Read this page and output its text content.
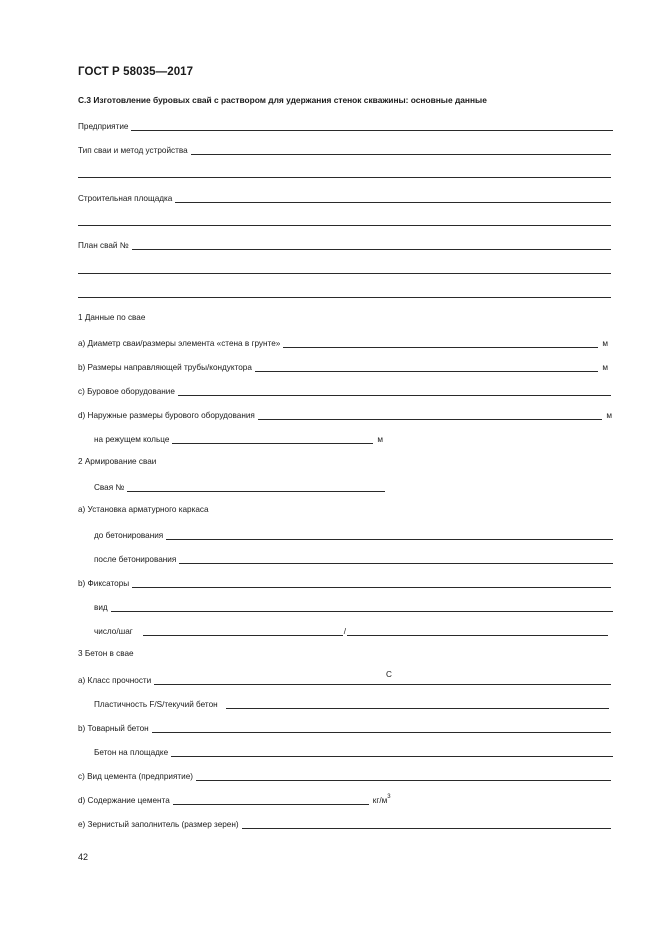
ГОСТ Р 58035—2017
С.3 Изготовление буровых свай с раствором для удержания стенок скважины: основные данные
Предприятие
Тип сваи и метод устройства
Строительная площадка
План свай №
1 Данные по свае
а) Диаметр сваи/размеры элемента «стена в грунте»	м
b) Размеры направляющей трубы/кондуктора	м
с) Буровое оборудование
d) Наружные размеры бурового оборудования	м
на режущем кольце	м
2 Армирование сваи
Свая №
а) Установка арматурного каркаса
до бетонирования
после бетонирования
b) Фиксаторы
вид
число/шаг	/
3 Бетон в свае
а) Класс прочности
С
Пластичность F/S/текучий бетон
b) Товарный бетон
Бетон на площадке
с) Вид цемента (предприятие)
d) Содержание цемента	$кг/м^3$
е) Зернистый заполнитель (размер зерен)
42
